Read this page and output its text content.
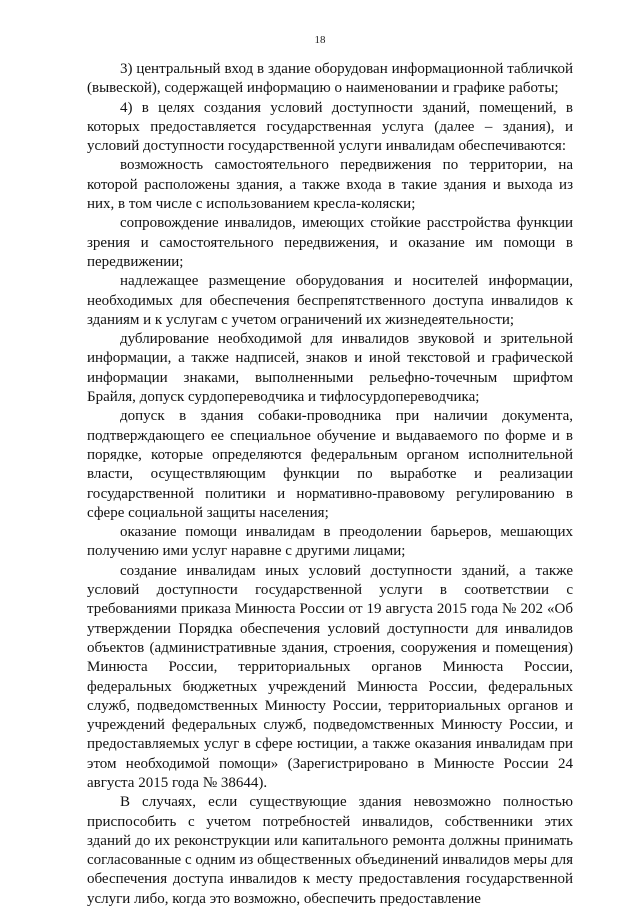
18

3) центральный вход в здание оборудован информационной табличкой (вывеской), содержащей информацию о наименовании и графике работы;

4) в целях создания условий доступности зданий, помещений, в которых предоставляется государственная услуга (далее – здания), и условий доступности государственной услуги инвалидам обеспечиваются:

возможность самостоятельного передвижения по территории, на которой расположены здания, а также входа в такие здания и выхода из них, в том числе с использованием кресла-коляски;

сопровождение инвалидов, имеющих стойкие расстройства функции зрения и самостоятельного передвижения, и оказание им помощи в передвижении;

надлежащее размещение оборудования и носителей информации, необходимых для обеспечения беспрепятственного доступа инвалидов к зданиям и к услугам с учетом ограничений их жизнедеятельности;

дублирование необходимой для инвалидов звуковой и зрительной информации, а также надписей, знаков и иной текстовой и графической информации знаками, выполненными рельефно-точечным шрифтом Брайля, допуск сурдопереводчика и тифлосурдопереводчика;

допуск в здания собаки-проводника при наличии документа, подтверждающего ее специальное обучение и выдаваемого по форме и в порядке, которые определяются федеральным органом исполнительной власти, осуществляющим функции по выработке и реализации государственной политики и нормативно-правовому регулированию в сфере социальной защиты населения;

оказание помощи инвалидам в преодолении барьеров, мешающих получению ими услуг наравне с другими лицами;

создание инвалидам иных условий доступности зданий, а также условий доступности государственной услуги в соответствии с требованиями приказа Минюста России от 19 августа 2015 года № 202 «Об утверждении Порядка обеспечения условий доступности для инвалидов объектов (административные здания, строения, сооружения и помещения) Минюста России, территориальных органов Минюста России, федеральных бюджетных учреждений Минюста России, федеральных служб, подведомственных Минюсту России, территориальных органов и учреждений федеральных служб, подведомственных Минюсту России, и предоставляемых услуг в сфере юстиции, а также оказания инвалидам при этом необходимой помощи» (Зарегистрировано в Минюсте России 24 августа 2015 года № 38644).

В случаях, если существующие здания невозможно полностью приспособить с учетом потребностей инвалидов, собственники этих зданий до их реконструкции или капитального ремонта должны принимать согласованные с одним из общественных объединений инвалидов меры для обеспечения доступа инвалидов к месту предоставления государственной услуги либо, когда это возможно, обеспечить предоставление
